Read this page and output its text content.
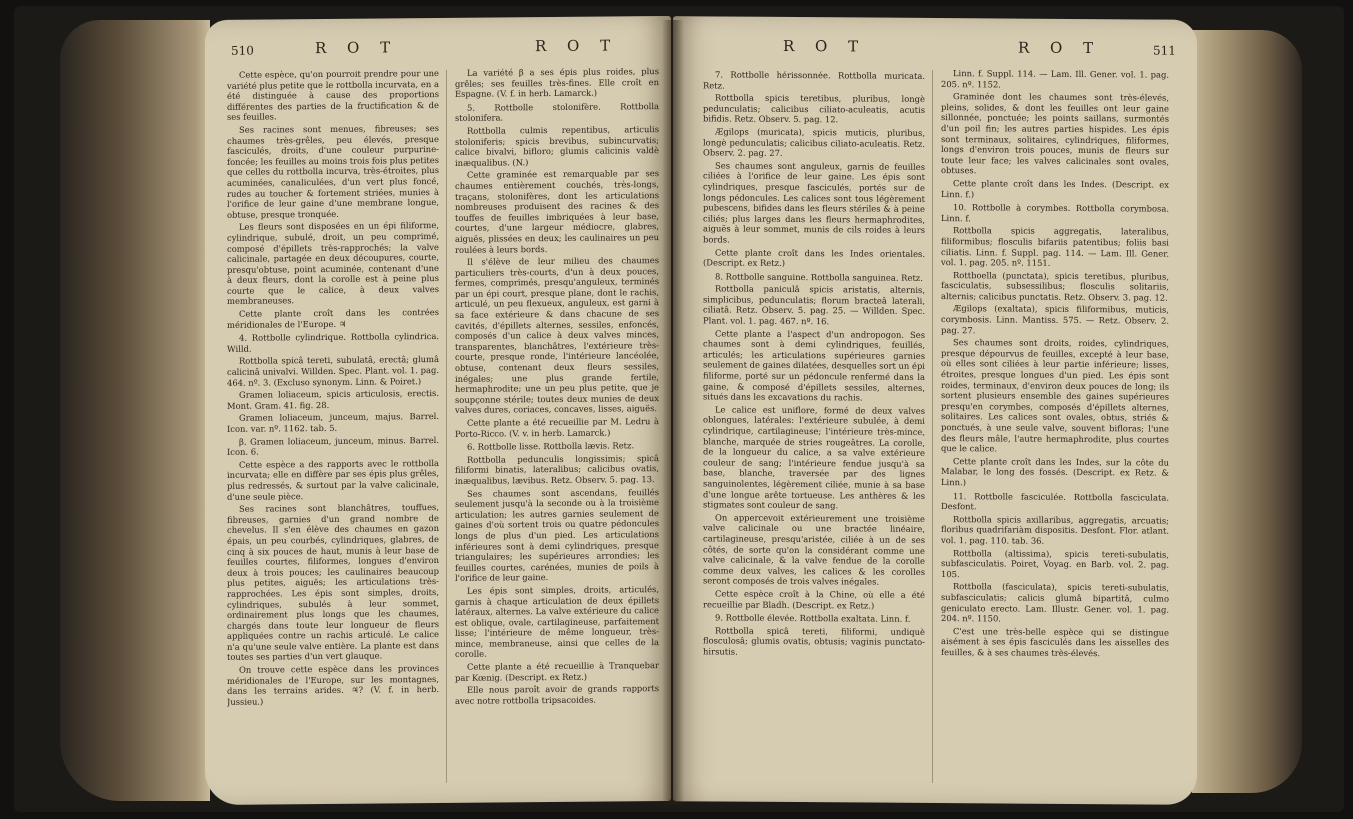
510	R O T	R O T

Cette espèce, qu'on pourroit prendre pour une variété plus petite que le rottbolla incurvata, en a été distinguée à cause des proportions différentes des parties de la fructification & de ses feuilles.

Ses racines sont menues, fibreuses; ses chaumes très-grêles, peu élevés, presque fasciculés, droits, d'une couleur purpurine-foncée; les feuilles au moins trois fois plus petites que celles du rottbolla incurva, très-étroites, plus acuminées, canaliculées, d'un vert plus foncé, rudes au toucher & fortement striées, munies à l'orifice de leur gaine d'une membrane longue, obtuse, presque tronquée.

Les fleurs sont disposées en un épi filiforme, cylindrique, subulé, droit, un peu comprimé, composé d'épillets très-rapprochés; la valve calicinale, partagée en deux découpures, courte, presqu'obtuse, point acuminée, contenant d'une à deux fleurs, dont la corolle est à peine plus courte que le calice, à deux valves membraneuses.

Cette plante croît dans les contrées méridionales de l'Europe. ♃

4. Rottbolle cylindrique. Rottbolla cylindrica. Willd.

Rottbolla spicâ tereti, subulatâ, erectâ; glumâ calicinâ univalvi. Willden. Spec. Plant. vol. 1. pag. 464. nº. 3. (Excluso synonym. Linn. & Poiret.)

Gramen loliaceum, spicis articulosis, erectis. Mont. Gram. 41. fig. 28.

Gramen loliaceum, junceum, majus. Barrel. Icon. var. nº. 1162. tab. 5.

β. Gramen loliaceum, junceum, minus. Barrel. Icon. 6.

Cette espèce a des rapports avec le rottbolla incurvata; elle en diffère par ses épis plus grêles, plus redressés, & surtout par la valve calicinale, d'une seule pièce.

Ses racines sont blanchâtres, touffues, fibreuses, garnies d'un grand nombre de chevelus. Il s'en élève des chaumes en gazon épais, un peu courbés, cylindriques, glabres, de cinq à six pouces de haut, munis à leur base de feuilles courtes, filiformes, longues d'environ deux à trois pouces; les caulinaires beaucoup plus petites, aiguës; les articulations très-rapprochées. Les épis sont simples, droits, cylindriques, subulés à leur sommet, ordinairement plus longs que les chaumes, chargés dans toute leur longueur de fleurs appliquées contre un rachis articulé. Le calice n'a qu'une seule valve entière. La plante est dans toutes ses parties d'un vert glauque.

On trouve cette espèce dans les provinces méridionales de l'Europe, sur les montagnes, dans les terrains arides. ♃? (V. f. in herb. Jussieu.)

La variété β a ses épis plus roides, plus grêles; ses feuilles très-fines. Elle croît en Espagne. (V. f. in herb. Lamarck.)

5. Rottbolle stolonifère. Rottbolla stolonifera.

Rottbolla culmis repentibus, articulis stoloniferis; spicis brevibus, subincurvatis; calice bivalvi, bifloro; glumis calicinis valdè inæqualibus. (N.)

Cette graminée est remarquable par ses chaumes entièrement couchés, très-longs, traçans, stolonifères, dont les articulations nombreuses produisent des racines & des touffes de feuilles imbriquées à leur base, courtes, d'une largeur médiocre, glabres, aiguës, plissées en deux; les caulinaires un peu roulées à leurs bords.

Il s'élève de leur milieu des chaumes particuliers très-courts, d'un à deux pouces, fermes, comprimés, presqu'anguleux, terminés par un épi court, presque plane, dont le rachis, articulé, un peu flexueux, anguleux, est garni à sa face extérieure & dans chacune de ses cavités, d'épillets alternes, sessiles, enfoncés, composés d'un calice à deux valves minces, transparentes, blanchâtres, l'extérieure très-courte, presque ronde, l'intérieure lancéolée, obtuse, contenant deux fleurs sessiles, inégales; une plus grande fertile, hermaphrodite; une un peu plus petite, que je soupçonne stérile; toutes deux munies de deux valves dures, coriaces, concaves, lisses, aiguës.

Cette plante a été recueillie par M. Ledru à Porto-Ricco. (V. v. in herb. Lamarck.)

6. Rottbolle lisse. Rottbolla lævis. Retz.

Rottbolla pedunculis longissimis; spicâ filiformi binatis, lateralibus; calicibus ovatis, inæqualibus, lævibus. Retz. Observ. 5. pag. 13.

Ses chaumes sont ascendans, feuillés seulement jusqu'à la seconde ou à la troisième articulation; les autres garnies seulement de gaines d'où sortent trois ou quatre pédoncules longs de plus d'un pied. Les articulations inférieures sont à demi cylindriques, presque triangulaires; les supérieures arrondies; les feuilles courtes, carénées, munies de poils à l'orifice de leur gaine.

Les épis sont simples, droits, articulés, garnis à chaque articulation de deux épillets latéraux, alternes. La valve extérieure du calice est oblique, ovale, cartilagineuse, parfaitement lisse; l'intérieure de même longueur, très-mince, membraneuse, ainsi que celles de la corolle.

Cette plante a été recueillie à Tranquebar par Kœnig. (Descript. ex Retz.)

Elle nous paroît avoir de grands rapports avec notre rottbolla tripsacoides.

R O T	R O T	511

7. Rottbolle hérissonnée. Rottbolla muricata. Retz.

Rottbolla spicis teretibus, pluribus, longè pedunculatis; calicibus ciliato-aculeatis, acutis bifidis. Retz. Observ. 5. pag. 12.

Ægilops (muricata), spicis muticis, pluribus, longè pedunculatis; calicibus ciliato-aculeatis. Retz. Observ. 2. pag. 27.

Ses chaumes sont anguleux, garnis de feuilles ciliées à l'orifice de leur gaine. Les épis sont cylindriques, presque fasciculés, portés sur de longs pédoncules. Les calices sont tous légèrement pubescens, bifides dans les fleurs stériles & à peine ciliés; plus larges dans les fleurs hermaphrodites, aiguës à leur sommet, munis de cils roides à leurs bords.

Cette plante croît dans les Indes orientales. (Descript. ex Retz.)

8. Rottbolle sanguine. Rottbolla sanguinea. Retz.

Rottbolla paniculâ spicis aristatis, alternis, simplicibus, pedunculatis; florum bracteâ laterali, ciliatâ. Retz. Observ. 5. pag. 25. — Willden. Spec. Plant. vol. 1. pag. 467. nº. 16.

Cette plante a l'aspect d'un andropogon. Ses chaumes sont à demi cylindriques, feuillés, articulés; les articulations supérieures garnies seulement de gaines dilatées, desquelles sort un épi filiforme, porté sur un pédoncule renfermé dans la gaine, & composé d'épillets sessiles, alternes, situés dans les excavations du rachis.

Le calice est uniflore, formé de deux valves oblongues, latérales: l'extérieure subulée, à demi cylindrique, cartilagineuse; l'intérieure très-mince, blanche, marquée de stries rougeâtres. La corolle, de la longueur du calice, a sa valve extérieure couleur de sang; l'intérieure fendue jusqu'à sa base, blanche, traversée par des lignes sanguinolentes, légèrement ciliée, munie à sa base d'une longue arête tortueuse. Les anthères & les stigmates sont couleur de sang.

On appercevoit extérieurement une troisième valve calicinale ou une bractée linéaire, cartilagineuse, presqu'aristée, ciliée à un de ses côtés, de sorte qu'on la considérant comme une valve calicinale, & la valve fendue de la corolle comme deux valves, les calices & les corolles seront composés de trois valves inégales.

Cette espèce croît à la Chine, où elle a été recueillie par Bladh. (Descript. ex Retz.)

9. Rottbolle élevée. Rottbolla exaltata. Linn. f.

Rottbolla spicâ tereti, filiformi, undiquè flosculosâ; glumis ovatis, obtusis; vaginis punctato-hirsutis.

Linn. f. Suppl. 114. — Lam. Ill. Gener. vol. 1. pag. 205. nº. 1152.

Graminée dont les chaumes sont très-élevés, pleins, solides, & dont les feuilles ont leur gaine sillonnée, ponctuée; les points saillans, surmontés d'un poil fin; les autres parties hispides. Les épis sont terminaux, solitaires, cylindriques, filiformes, longs d'environ trois pouces, munis de fleurs sur toute leur face; les valves calicinales sont ovales, obtuses.

Cette plante croît dans les Indes. (Descript. ex Linn. f.)

10. Rottbolle à corymbes. Rottbolla corymbosa. Linn. f.

Rottbolla spicis aggregatis, lateralibus, filiformibus; flosculis bifariis patentibus; foliis basi ciliatis. Linn. f. Suppl. pag. 114. — Lam. Ill. Gener. vol. 1. pag. 205. nº. 1151.

Rottboella (punctata), spicis teretibus, pluribus, fasciculatis, subsessilibus; flosculis solitariis, alternis; calicibus punctatis. Retz. Observ. 3. pag. 12.

Ægilops (exaltata), spicis filiformibus, muticis, corymbosis. Linn. Mantiss. 575. — Retz. Observ. 2. pag. 27.

Ses chaumes sont droits, roides, cylindriques, presque dépourvus de feuilles, excepté à leur base, où elles sont ciliées à leur partie inférieure; lisses, étroites, presque longues d'un pied. Les épis sont roides, terminaux, d'environ deux pouces de long; ils sortent plusieurs ensemble des gaines supérieures presqu'en corymbes, composés d'épillets alternes, solitaires. Les calices sont ovales, obtus, striés & ponctués, à une seule valve, souvent bifloras; l'une des fleurs mâle, l'autre hermaphrodite, plus courtes que le calice.

Cette plante croît dans les Indes, sur la côte du Malabar, le long des fossés. (Descript. ex Retz. & Linn.)

11. Rottbolle fasciculée. Rottbolla fasciculata. Desfont.

Rottbolla spicis axillaribus, aggregatis, arcuatis; floribus quadrifariàm dispositis. Desfont. Flor. atlant. vol. 1. pag. 110. tab. 36.

Rottbolla (altissima), spicis tereti-subulatis, subfasciculatis. Poiret, Voyag. en Barb. vol. 2. pag. 105.

Rottbolla (fasciculata), spicis tereti-subulatis, subfasciculatis; calicis glumâ bipartitâ, culmo geniculato erecto. Lam. Illustr. Gener. vol. 1. pag. 204. nº. 1150.

C'est une très-belle espèce qui se distingue aisément à ses épis fasciculés dans les aisselles des feuilles, & à ses chaumes très-élevés.
